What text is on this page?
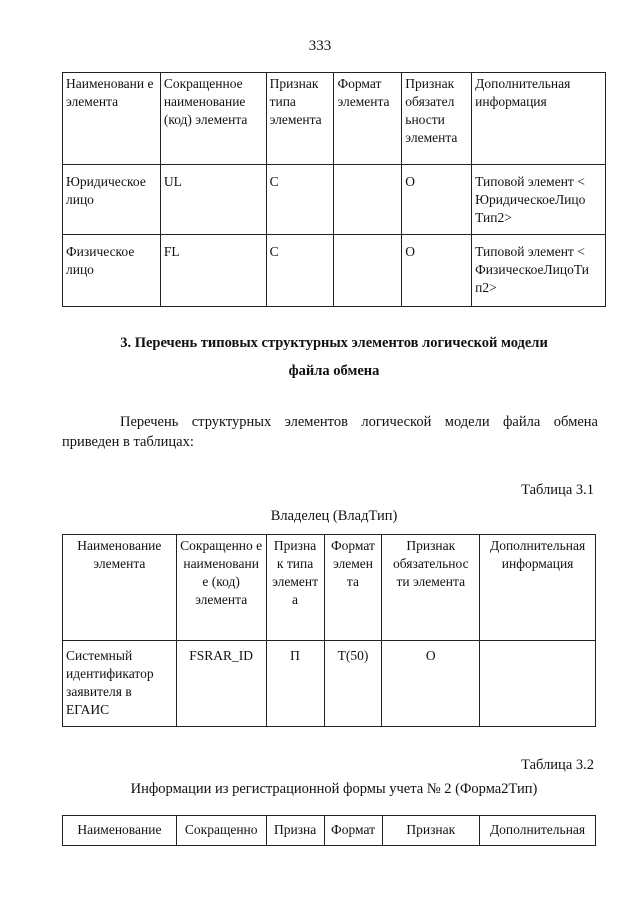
333
Наименовани е элемента	Сокращенное наименование (код) элемента	Признак типа элемента	Формат элемента	Признак обязател ьности элемента	Дополнительная информация
Юридическое лицо	UL	С		О	Типовой элемент < ЮридическоеЛицо Тип2>
Физическое лицо	FL	С		О	Типовой элемент < ФизическоеЛицоТи п2>
3. Перечень типовых структурных элементов логической модели
файла обмена
Перечень структурных элементов логической модели файла обмена приведен в таблицах:
Таблица 3.1
Владелец (ВладТип)
Наименование элемента	Сокращенно е наименовани е (код) элемента	Призна к типа элемент а	Формат элемен та	Признак обязательнос ти элемента	Дополнительная информация
Системный идентификатор заявителя в ЕГАИС	FSRAR_ID	П	T(50)	О	
Таблица 3.2
Информации из регистрационной формы учета № 2 (Форма2Тип)
Наименование	Сокращенно	Призна	Формат	Признак	Дополнительная
